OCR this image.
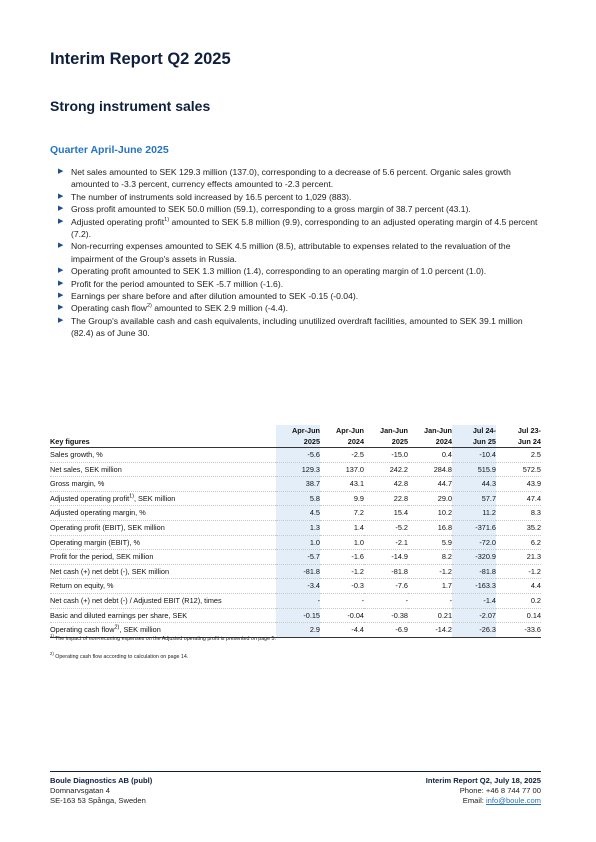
Interim Report Q2 2025
Strong instrument sales
Quarter April-June 2025
▶ Net sales amounted to SEK 129.3 million (137.0), corresponding to a decrease of 5.6 percent. Organic sales growth amounted to -3.3 percent, currency effects amounted to -2.3 percent.
▶ The number of instruments sold increased by 16.5 percent to 1,029 (883).
▶ Gross profit amounted to SEK 50.0 million (59.1), corresponding to a gross margin of 38.7 percent (43.1).
▶ Adjusted operating profit$^{1)}$ amounted to SEK 5.8 million (9.9), corresponding to an adjusted operating margin of 4.5 percent (7.2).
▶ Non-recurring expenses amounted to SEK 4.5 million (8.5), attributable to expenses related to the revaluation of the impairment of the Group's assets in Russia.
▶ Operating profit amounted to SEK 1.3 million (1.4), corresponding to an operating margin of 1.0 percent (1.0).
▶ Profit for the period amounted to SEK -5.7 million (-1.6).
▶ Earnings per share before and after dilution amounted to SEK -0.15 (-0.04).
▶ Operating cash flow$^{2)}$ amounted to SEK 2.9 million (-4.4).
▶ The Group's available cash and cash equivalents, including unutilized overdraft facilities, amounted to SEK 39.1 million (82.4) as of June 30.
	Apr-Jun	Apr-Jun	Jan-Jun	Jan-Jun	Jul 24-	Jul 23-
Key figures	2025	2024	2025	2024	Jun 25	Jun 24
Sales growth, %	-5.6	-2.5	-15.0	0.4	-10.4	2.5
Net sales, SEK million	129.3	137.0	242.2	284.8	515.9	572.5
Gross margin, %	38.7	43.1	42.8	44.7	44.3	43.9
Adjusted operating profit$^{1)}$, SEK million	5.8	9.9	22.8	29.0	57.7	47.4
Adjusted operating margin, %	4.5	7.2	15.4	10.2	11.2	8.3
Operating profit (EBIT), SEK million	1.3	1.4	-5.2	16.8	-371.6	35.2
Operating margin (EBIT), %	1.0	1.0	-2.1	5.9	-72.0	6.2
Profit for the period, SEK million	-5.7	-1.6	-14.9	8.2	-320.9	21.3
Net cash (+) net debt (-), SEK million	-81.8	-1.2	-81.8	-1.2	-81.8	-1.2
Return on equity, %	-3.4	-0.3	-7.6	1.7	-163.3	4.4
Net cash (+) net debt (-) / Adjusted EBIT (R12), times	-	-	-	-	-1.4	0.2
Basic and diluted earnings per share, SEK	-0.15	-0.04	-0.38	0.21	-2.07	0.14
Operating cash flow$^{2)}$, SEK million	2.9	-4.4	-6.9	-14.2	-26.3	-33.6
$^{1)}$ The impact of non-recurring expenses on the Adjusted operating profit is presented on page 5.
$^{2)}$ Operating cash flow according to calculation on page 14.
Boule Diagnostics AB (publ)
Domnarvsgatan 4
SE-163 53 Spånga, Sweden
Interim Report Q2, July 18, 2025
Phone: +46 8 744 77 00
Email: info@boule.com
